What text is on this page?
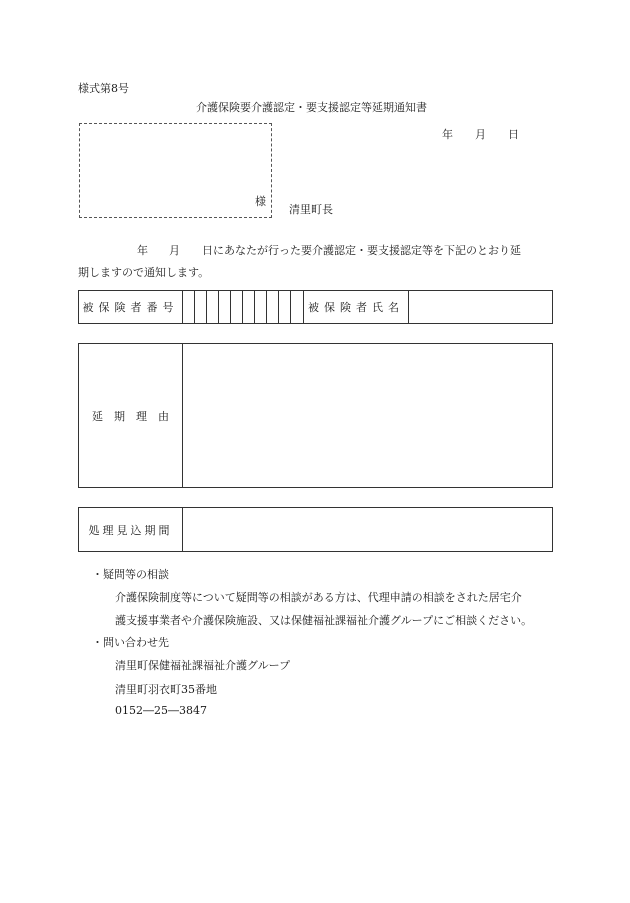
様式第8号
介護保険要介護認定・要支援認定等延期通知書
年 月 日
様
清里町長
年 月 日にあなたが行った要介護認定・要支援認定等を下記のとおり延
期しますので通知します。
被保険者番号											被保険者氏名	
延　期　理　由	
処理見込期間	
・疑問等の相談
介護保険制度等について疑問等の相談がある方は、代理申請の相談をされた居宅介
護支援事業者や介護保険施設、又は保健福祉課福祉介護グループにご相談ください。
・問い合わせ先
清里町保健福祉課福祉介護グループ
清里町羽衣町35番地
0152―25―3847
